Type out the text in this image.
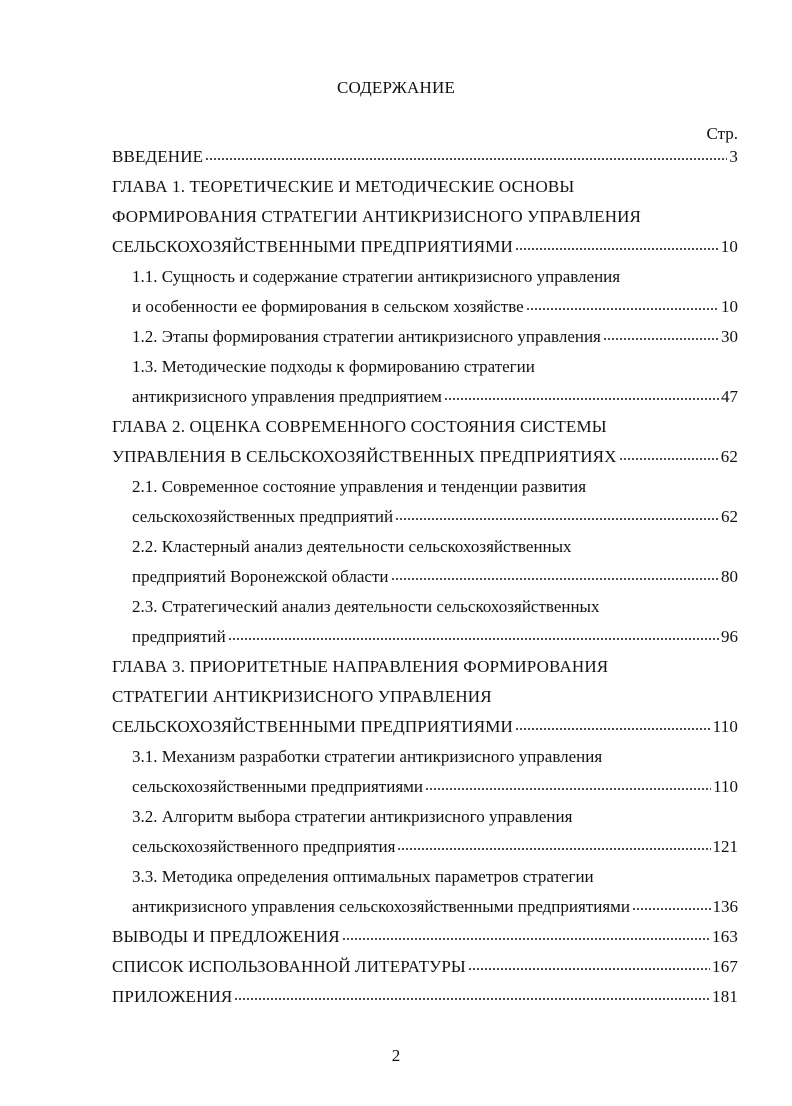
СОДЕРЖАНИЕ
Стр.
ВВЕДЕНИЕ	3
ГЛАВА 1. ТЕОРЕТИЧЕСКИЕ И МЕТОДИЧЕСКИЕ ОСНОВЫ
ФОРМИРОВАНИЯ СТРАТЕГИИ АНТИКРИЗИСНОГО УПРАВЛЕНИЯ
СЕЛЬСКОХОЗЯЙСТВЕННЫМИ ПРЕДПРИЯТИЯМИ	10
1.1. Сущность и содержание стратегии антикризисного управления
и особенности ее формирования в сельском хозяйстве	10
1.2. Этапы формирования стратегии антикризисного управления	30
1.3. Методические подходы к формированию стратегии
антикризисного управления предприятием	47
ГЛАВА 2. ОЦЕНКА СОВРЕМЕННОГО СОСТОЯНИЯ СИСТЕМЫ
УПРАВЛЕНИЯ В СЕЛЬСКОХОЗЯЙСТВЕННЫХ ПРЕДПРИЯТИЯХ	62
2.1. Современное состояние управления и тенденции развития
сельскохозяйственных предприятий	62
2.2. Кластерный анализ деятельности сельскохозяйственных
предприятий Воронежской области	80
2.3. Стратегический анализ деятельности сельскохозяйственных
предприятий	96
ГЛАВА 3. ПРИОРИТЕТНЫЕ НАПРАВЛЕНИЯ ФОРМИРОВАНИЯ
СТРАТЕГИИ АНТИКРИЗИСНОГО УПРАВЛЕНИЯ
СЕЛЬСКОХОЗЯЙСТВЕННЫМИ ПРЕДПРИЯТИЯМИ	110
3.1. Механизм разработки стратегии антикризисного управления
сельскохозяйственными предприятиями	110
3.2. Алгоритм выбора стратегии антикризисного управления
сельскохозяйственного предприятия	121
3.3. Методика определения оптимальных параметров стратегии
антикризисного управления сельскохозяйственными предприятиями	136
ВЫВОДЫ И ПРЕДЛОЖЕНИЯ	163
СПИСОК ИСПОЛЬЗОВАННОЙ ЛИТЕРАТУРЫ	167
ПРИЛОЖЕНИЯ	181
2
